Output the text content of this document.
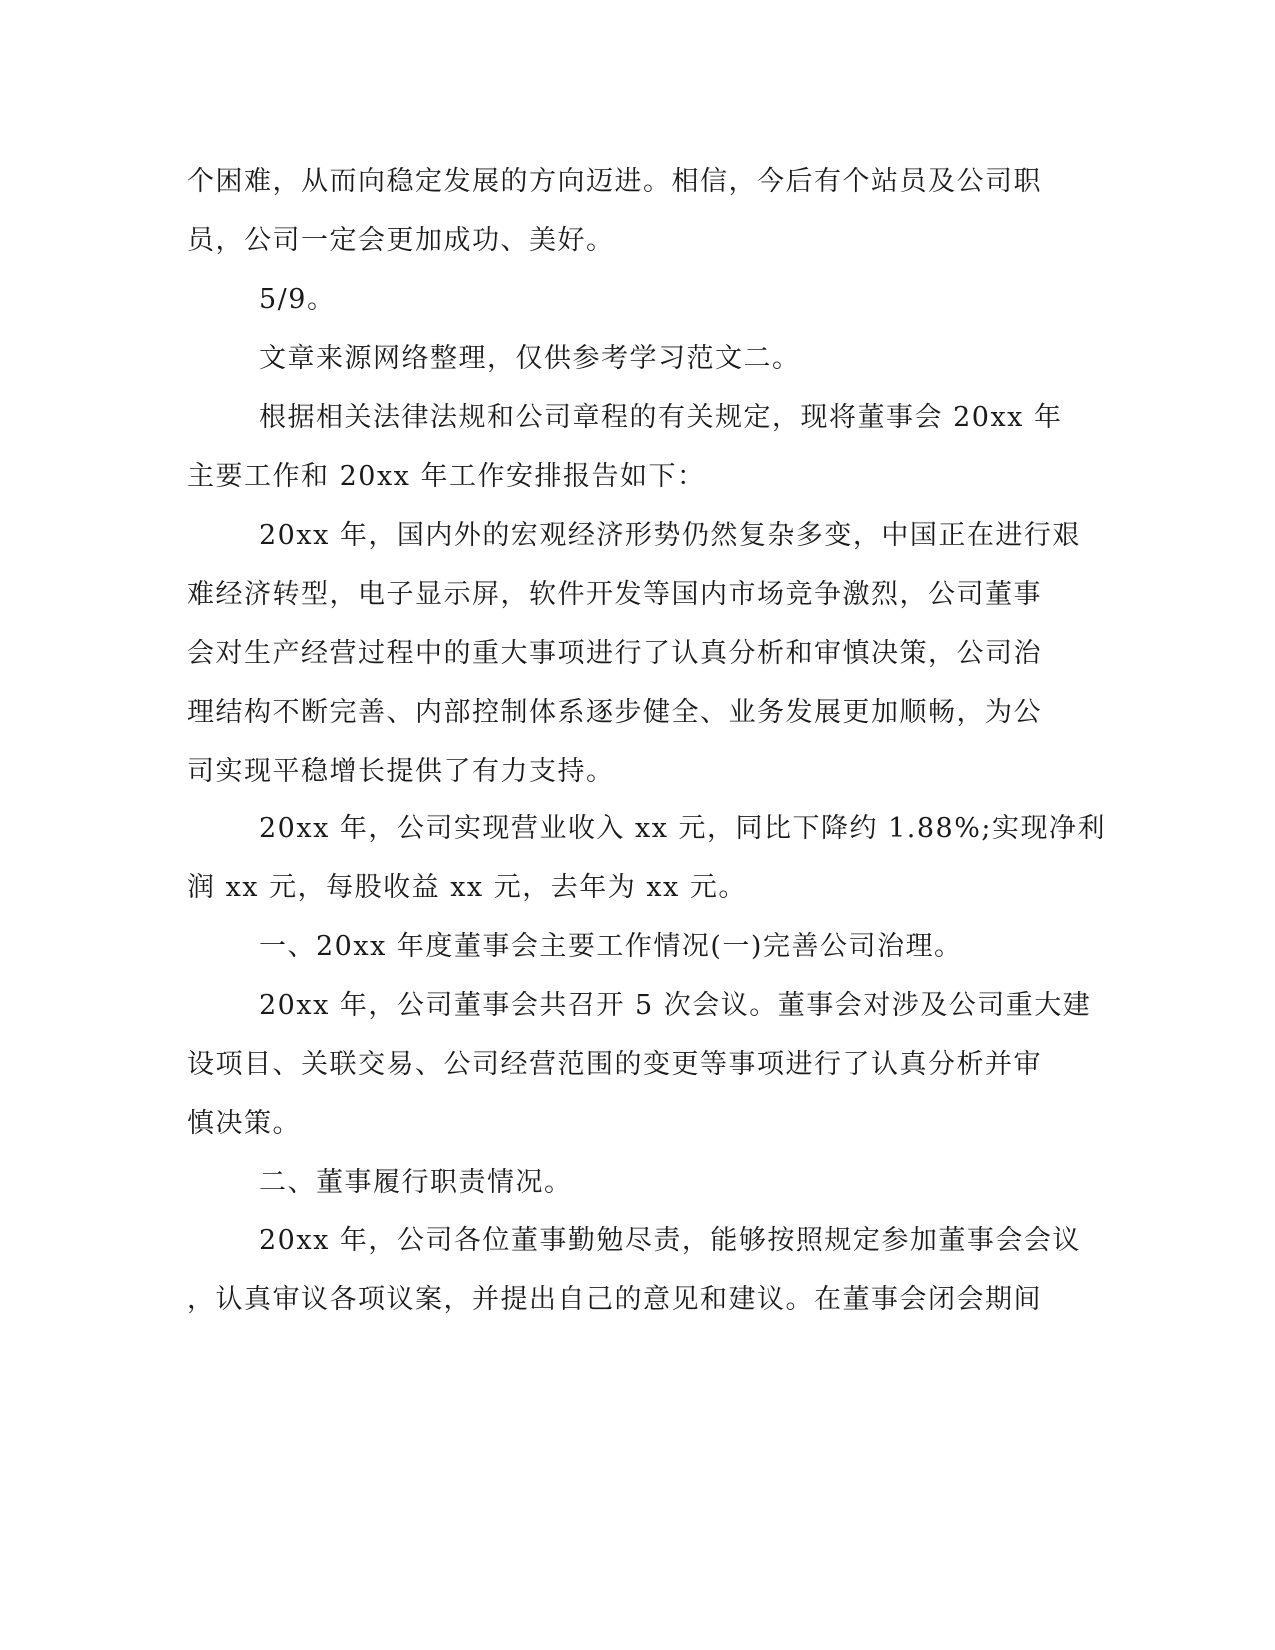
个困难，从而向稳定发展的方向迈进。相信，今后有个站员及公司职
员，公司一定会更加成功、美好。
5/9。
文章来源网络整理，仅供参考学习范文二。
根据相关法律法规和公司章程的有关规定，现将董事会 20xx 年
主要工作和 20xx 年工作安排报告如下：
20xx 年，国内外的宏观经济形势仍然复杂多变，中国正在进行艰
难经济转型，电子显示屏，软件开发等国内市场竞争激烈，公司董事
会对生产经营过程中的重大事项进行了认真分析和审慎决策，公司治
理结构不断完善、内部控制体系逐步健全、业务发展更加顺畅，为公
司实现平稳增长提供了有力支持。
20xx 年，公司实现营业收入 xx 元，同比下降约 1.88%;实现净利
润 xx 元，每股收益 xx 元，去年为 xx 元。
一、20xx 年度董事会主要工作情况(一)完善公司治理。
20xx 年，公司董事会共召开 5 次会议。董事会对涉及公司重大建
设项目、关联交易、公司经营范围的变更等事项进行了认真分析并审
慎决策。
二、董事履行职责情况。
20xx 年，公司各位董事勤勉尽责，能够按照规定参加董事会会议
，认真审议各项议案，并提出自己的意见和建议。在董事会闭会期间
